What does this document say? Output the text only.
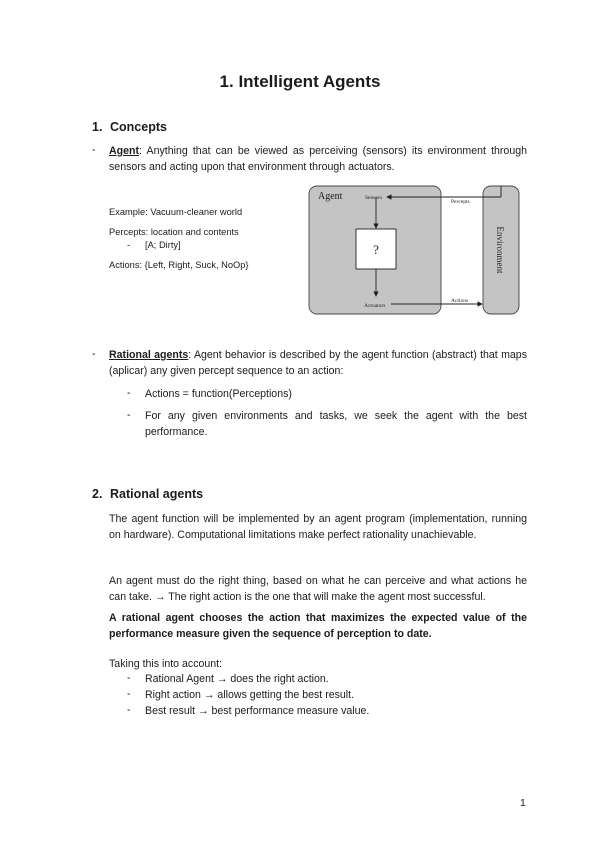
1. Intelligent Agents
1. Concepts
- Agent: Anything that can be viewed as perceiving (sensors) its environment through sensors and acting upon that environment through actuators.
Example: Vacuum-cleaner world
Percepts: location and contents
- [A; Dirty]
Actions: {Left, Right, Suck, NoOp}
Agent	Sensors
Percepts
?
Actuators
Actions
Environment
- Rational agents: Agent behavior is described by the agent function (abstract) that maps (aplicar) any given percept sequence to an action:
- Actions = function(Perceptions)
- For any given environments and tasks, we seek the agent with the best performance.
2. Rational agents
The agent function will be implemented by an agent program (implementation, running on hardware). Computational limitations make perfect rationality unachievable.
An agent must do the right thing, based on what he can perceive and what actions he can take. → The right action is the one that will make the agent most successful.
A rational agent chooses the action that maximizes the expected value of the performance measure given the sequence of perception to date.
Taking this into account:
- Rational Agent → does the right action.
- Right action → allows getting the best result.
- Best result → best performance measure value.
1
